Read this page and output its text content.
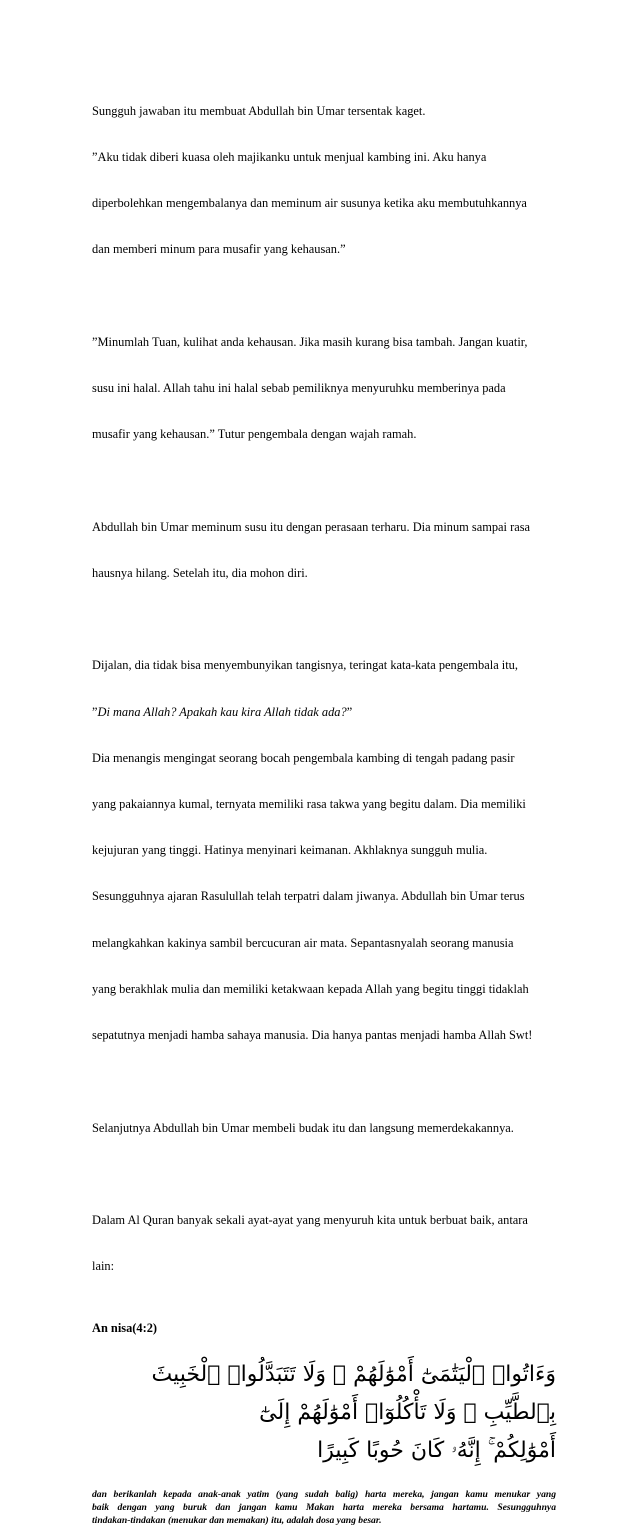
Sungguh jawaban itu membuat Abdullah bin Umar tersentak kaget.

”Aku tidak diberi kuasa oleh majikanku untuk menjual kambing ini. Aku hanya

diperbolehkan mengembalanya dan meminum air susunya ketika aku membutuhkannya

dan memberi minum para musafir yang kehausan.”

”Minumlah Tuan, kulihat anda kehausan. Jika masih kurang bisa tambah. Jangan kuatir,

susu ini halal. Allah tahu ini halal sebab pemiliknya menyuruhku memberinya pada

musafir yang kehausan.” Tutur pengembala dengan wajah ramah.

Abdullah bin Umar meminum susu itu dengan perasaan terharu. Dia minum sampai rasa

hausnya hilang. Setelah itu, dia mohon diri.

Dijalan, dia tidak bisa menyembunyikan tangisnya, teringat kata-kata pengembala itu,

”Di mana Allah? Apakah kau kira Allah tidak ada?”

Dia menangis mengingat seorang bocah pengembala kambing di tengah padang pasir

yang pakaiannya kumal, ternyata memiliki rasa takwa yang begitu dalam. Dia memiliki

kejujuran yang tinggi. Hatinya menyinari keimanan. Akhlaknya sungguh mulia.

Sesungguhnya ajaran Rasulullah telah terpatri dalam jiwanya. Abdullah bin Umar terus

melangkahkan kakinya sambil bercucuran air mata. Sepantasnyalah seorang manusia

yang berakhlak mulia dan memiliki ketakwaan kepada Allah yang begitu tinggi tidaklah

sepatutnya menjadi hamba sahaya manusia. Dia hanya pantas menjadi hamba Allah Swt!

Selanjutnya Abdullah bin Umar membeli budak itu dan langsung memerdekakannya.

Dalam Al Quran banyak sekali ayat-ayat yang menyuruh kita untuk berbuat baik, antara

lain:

An nisa(4:2)
وَءَاتُوا۟ ٱلْيَتَٰمَىٰٓ أَمْوَٰلَهُمْ ۖ وَلَا تَتَبَدَّلُوا۟ ٱلْخَبِيثَ بِٱلطَّيِّبِ ۖ وَلَا تَأْكُلُوٓا۟ أَمْوَٰلَهُمْ إِلَىٰٓ
أَمْوَٰلِكُمْ ۚ إِنَّهُۥ كَانَ حُوبًا كَبِيرًا
dan berikanlah kepada anak-anak yatim (yang sudah balig) harta mereka, jangan kamu menukar yang
baik dengan yang buruk dan jangan kamu Makan harta mereka bersama hartamu. Sesungguhnya
tindakan-tindakan (menukar dan memakan) itu, adalah dosa yang besar.
